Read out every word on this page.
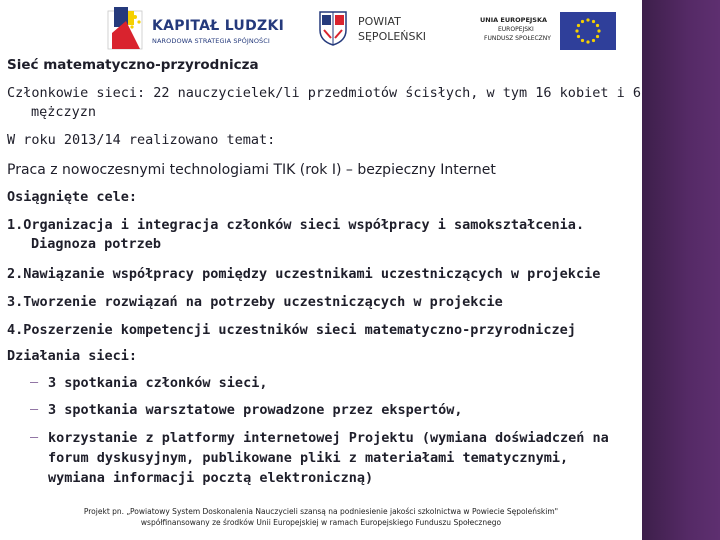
KAPITAŁ LUDZKI
NARODOWA STRATEGIA SPÓJNOŚCI
POWIAT
SĘPOLEŃSKI
UNIA EUROPEJSKA
EUROPEJSKI
FUNDUSZ SPOŁECZNY
Sieć matematyczno-przyrodnicza
Członkowie sieci: 22 nauczycielek/li przedmiotów ścisłych, w tym 16 kobiet i 6
mężczyzn
W roku 2013/14 realizowano temat:
Praca z nowoczesnymi technologiami TIK (rok I) – bezpieczny Internet
Osiągnięte cele:
1.Organizacja i integracja członków sieci współpracy i samokształcenia.
Diagnoza potrzeb
2.Nawiązanie współpracy pomiędzy uczestnikami uczestniczących w projekcie
3.Tworzenie rozwiązań na potrzeby uczestniczących w projekcie
4.Poszerzenie kompetencji uczestników sieci matematyczno-przyrodniczej
Działania sieci:
– 3 spotkania członków sieci,
– 3 spotkania warsztatowe prowadzone przez ekspertów,
– korzystanie z platformy internetowej Projektu (wymiana doświadczeń na
forum dyskusyjnym, publikowane pliki z materiałami tematycznymi,
wymiana informacji pocztą elektroniczną)
Projekt pn. „Powiatowy System Doskonalenia Nauczycieli szansą na podniesienie jakości szkolnictwa w Powiecie Sępoleńskim"
współfinansowany ze środków Unii Europejskiej w ramach Europejskiego Funduszu Społecznego
